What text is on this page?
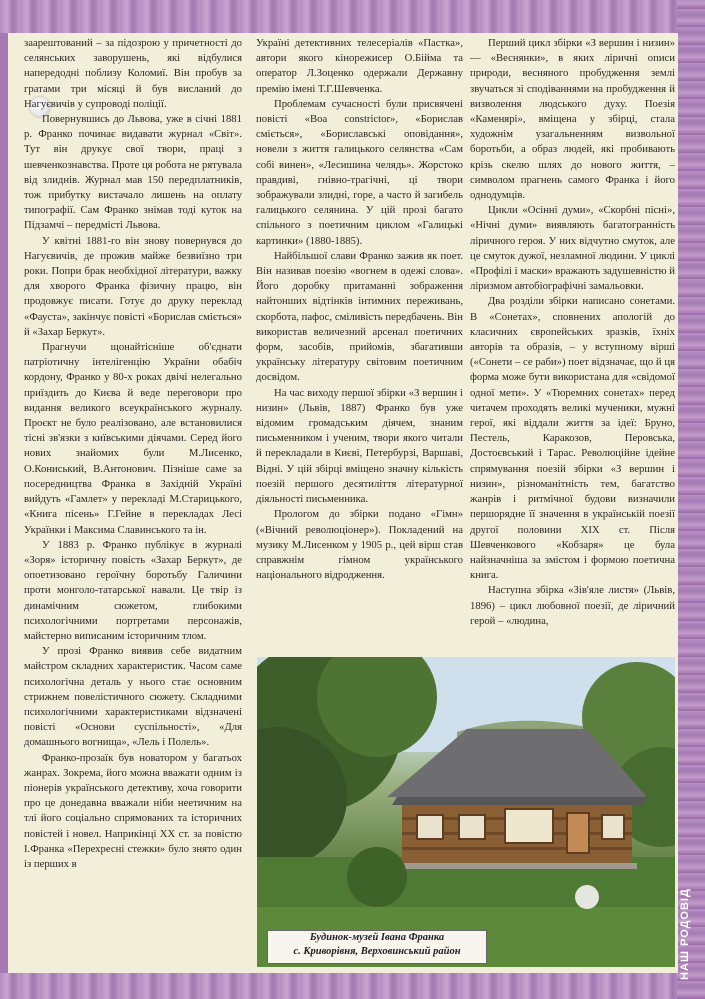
заарештований – за підозрою у причетності до селянських заворушень, які відбулися напередодні поблизу Коломиї. Він пробув за гратами три місяці й був висланий до Нагуєвичів у супроводі поліції.

Повернувшись до Львова, уже в січні 1881 р. Франко починає видавати журнал «Світ». Тут він друкує свої твори, праці з шевченкознавства. Проте ця робота не рятувала від злиднів. Журнал мав 150 передплатників, тож прибутку вистачало лишень на оплату типографії. Сам Франко знімав тоді куток на Підзамчі – передмісті Львова.

У квітні 1881-го він знову повернувся до Нагуєвичів, де прожив майже безвиїзно три роки. Попри брак необхідної літератури, важку для хворого Франка фізичну працю, він продовжує писати. Готує до друку переклад «Фауста», закінчує повісті «Борислав сміється» й «Захар Беркут».

Прагнучи щонайтісніше об'єднати патріотичну інтелігенцію України обабіч кордону, Франко у 80-х роках двічі нелегально приїздить до Києва й веде переговори про видання великого всеукраїнського журналу. Проєкт не було реалізовано, але встановилися тісні зв'язки з київськими діячами. Серед його нових знайомих були М.Лисенко, О.Кониський, В.Антонович. Пізніше саме за посередництва Франка в Західній Україні вийдуть «Гамлет» у перекладі М.Старицького, «Книга пісень» Г.Гейне в перекладах Лесі Українки і Максима Славинського та ін.

У 1883 р. Франко публікує в журналі «Зоря» історичну повість «Захар Беркут», де опоетизовано героїчну боротьбу Галичини проти монголо-татарської навали. Це твір із динамічним сюжетом, глибокими психологічними портретами персонажів, майстерно виписаним історичним тлом.

У прозі Франко виявив себе видатним майстром складних характеристик. Часом саме психологічна деталь у нього стає основним стрижнем повелістичного сюжету. Складними психологічними характеристиками відзначені повісті «Основи суспільності», «Для домашнього вогнища», «Лель і Полель».

Франко-прозаїк був новатором у багатьох жанрах. Зокрема, його можна вважати одним із піонерів українського детективу, хоча говорити про це донедавна вважали ніби неетичним на тлі його соціально спрямованих та історичних повістей і новел. Наприкінці XX ст. за повістю І.Франка «Перехресні стежки» було знято один із перших в

Україні детективних телесеріалів «Пастка», автори якого кінорежисер О.Бійма та оператор Л.Зоценко одержали Державну премію імені Т.Г.Шевченка.

Проблемам сучасності були присвячені повісті «Boa constrictor», «Борислав сміється», «Бориславські оповідання», новели з життя галицького селянства «Сам собі винен», «Лесишина челядь». Жорстоко правдиві, гнівно-трагічні, ці твори зображували злидні, горе, а часто й загибель галицького селянина. У цій прозі багато спільного з поетичним циклом «Галицькі картинки» (1880-1885).

Найбільшої слави Франко зажив як поет. Він називав поезію «вогнем в одежі слова». Його доробку притаманні зображення найтонших відтінків інтимних переживань, скорбота, пафос, сміливість передбачень. Він використав величезний арсенал поетичних форм, засобів, прийомів, збагативши українську літературу світовим поетичним досвідом.

На час виходу першої збірки «З вершин і низин» (Львів, 1887) Франко був уже відомим громадським діячем, знаним письменником і ученим, твори якого читали й перекладали в Києві, Петербурзі, Варшаві, Відні. У цій збірці вміщено значну кількість поезій першого десятиліття літературної діяльності письменника.

Прологом до збірки подано «Гімн» («Вічний революціонер»). Покладений на музику М.Лисенком у 1905 р., цей вірш став справжнім гімном українського національного відродження.

Перший цикл збірки «З вершин і низин» — «Веснянки», в яких ліричні описи природи, весняного пробудження землі звучаться зі сподіваннями на пробудження й визволення людського духу. Поезія «Каменярі», вміщена у збірці, стала художнім узагальненням визвольної боротьби, а образ людей, які пробивають крізь скелю шлях до нового життя, – символом прагнень самого Франка і його однодумців.

Цикли «Осінні думи», «Скорбні пісні», «Нічні думи» виявляють багатогранність ліричного героя. У них відчутно смуток, але це смуток дужої, незламної людини. У циклі «Профілі і маски» вражають задушевністю й ліризмом автобіографічні замальовки.

Два розділи збірки написано сонетами. В «Сонетах», сповнених апологій до класичних європейських зразків, їхніх авторів та образів, – у вступному вірші («Сонети – се раби») поет відзначає, що й ця форма може бути використана для «свідомої одної мети». У «Тюремних сонетах» перед читачем проходять великі мученики, мужні герої, які віддали життя за ідеї: Бруно, Пестель, Каракозов, Перовська, Достоєвський і Тарас. Революційне ідейне спрямування поезій збірки «З вершин і низин», різноманітність тем, багатство жанрів і ритмічної будови визначили першорядне її значення в українській поезії другої половини XIX ст. Після Шевченкового «Кобзаря» це була найзначніша за змістом і формою поетична книга.

Наступна збірка «Зів'яле листя» (Львів, 1896) – цикл любовної поезії, де ліричний герой – «людина,

Будинок-музей Івана Франка
с. Криворівня, Верховинський район	НАШ РОДОВІД
